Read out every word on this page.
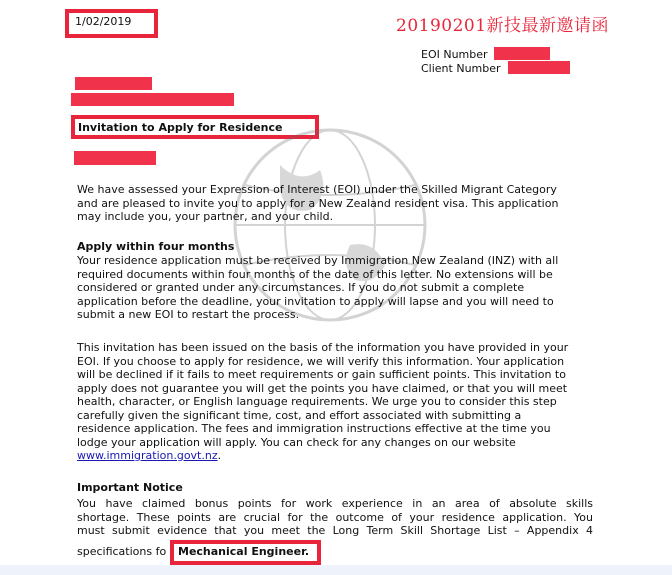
20190201新技最新邀请函
1/02/2019
EOI Number
Client Number
Invitation to Apply for Residence
We have assessed your Expression of Interest (EOI) under the Skilled Migrant Category
and are pleased to invite you to apply for a New Zealand resident visa. This application
may include you, your partner, and your child.
Apply within four months
Your residence application must be received by Immigration New Zealand (INZ) with all
required documents within four months of the date of this letter. No extensions will be
considered or granted under any circumstances. If you do not submit a complete
application before the deadline, your invitation to apply will lapse and you will need to
submit a new EOI to restart the process.
This invitation has been issued on the basis of the information you have provided in your
EOI. If you choose to apply for residence, we will verify this information. Your application
will be declined if it fails to meet requirements or gain sufficient points. This invitation to
apply does not guarantee you will get the points you have claimed, or that you will meet
health, character, or English language requirements. We urge you to consider this step
carefully given the significant time, cost, and effort associated with submitting a
residence application. The fees and immigration instructions effective at the time you
lodge your application will apply. You can check for any changes on our website
www.immigration.govt.nz.
Important Notice
You have claimed bonus points for work experience in an area of absolute skills
shortage. These points are crucial for the outcome of your residence application. You
must submit evidence that you meet the Long Term Skill Shortage List – Appendix 4
specifications fo Mechanical Engineer.
